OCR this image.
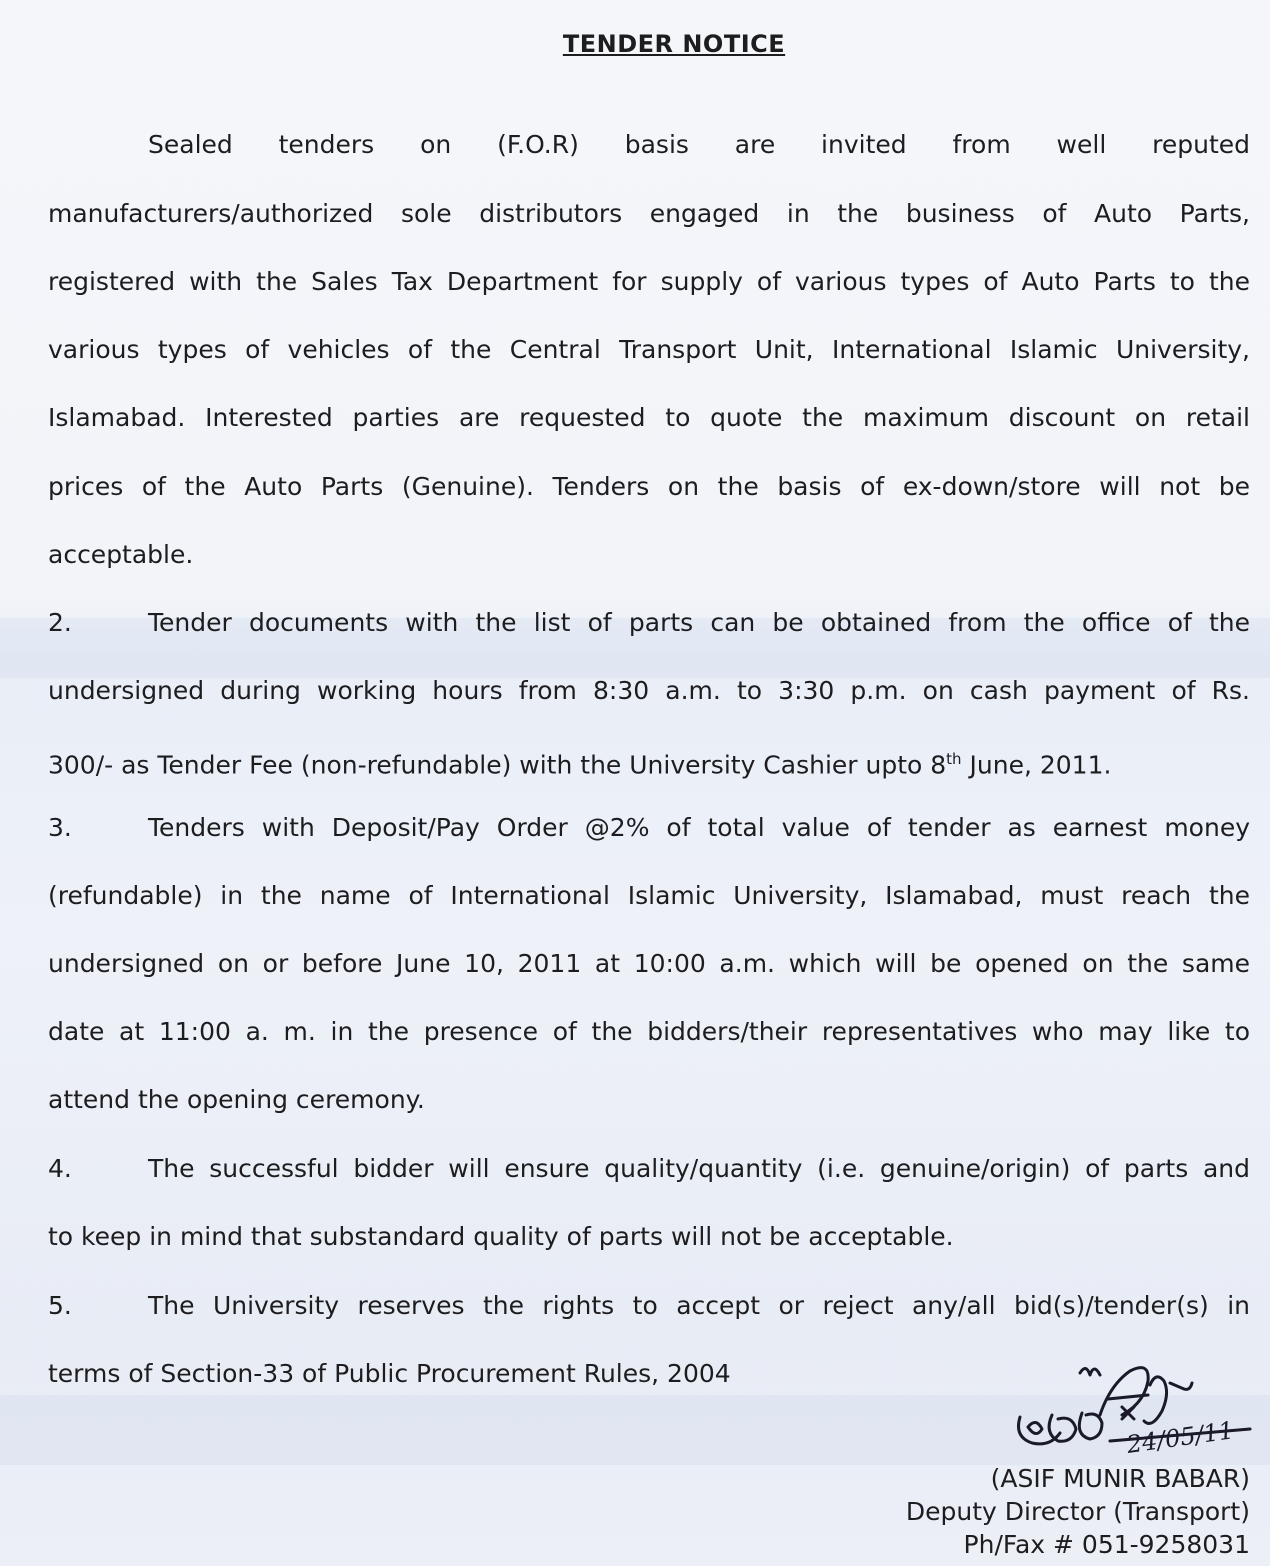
TENDER NOTICE
Sealed tenders on (F.O.R) basis are invited from well reputed
manufacturers/authorized sole distributors engaged in the business of Auto Parts,
registered with the Sales Tax Department for supply of various types of Auto Parts to the
various types of vehicles of the Central Transport Unit, International Islamic University,
Islamabad. Interested parties are requested to quote the maximum discount on retail
prices of the Auto Parts (Genuine). Tenders on the basis of ex-down/store will not be
acceptable.
2.	Tender documents with the list of parts can be obtained from the office of the
undersigned during working hours from 8:30 a.m. to 3:30 p.m. on cash payment of Rs.
300/- as Tender Fee (non-refundable) with the University Cashier upto 8th June, 2011.
3.	Tenders with Deposit/Pay Order @2% of total value of tender as earnest money
(refundable) in the name of International Islamic University, Islamabad, must reach the
undersigned on or before June 10, 2011 at 10:00 a.m. which will be opened on the same
date at 11:00 a. m. in the presence of the bidders/their representatives who may like to
attend the opening ceremony.
4.	The successful bidder will ensure quality/quantity (i.e. genuine/origin) of parts and
to keep in mind that substandard quality of parts will not be acceptable.
5.	The University reserves the rights to accept or reject any/all bid(s)/tender(s) in
terms of Section-33 of Public Procurement Rules, 2004
24/05/11
(ASIF MUNIR BABAR)
Deputy Director (Transport)
Ph/Fax # 051-9258031
